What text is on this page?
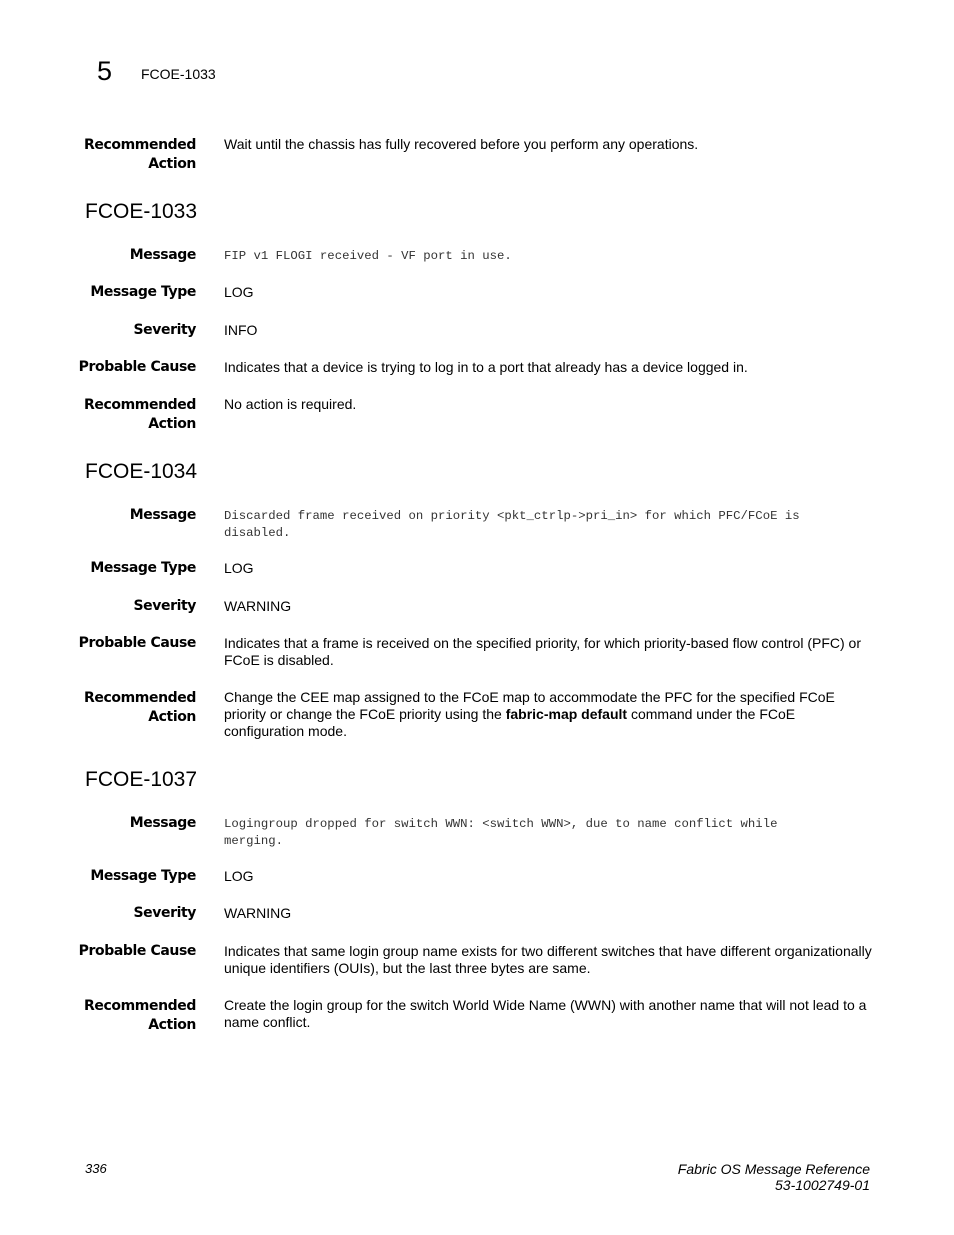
5 FCOE-1033
Recommended
Action
Wait until the chassis has fully recovered before you perform any operations.
FCOE-1033
Message FIP v1 FLOGI received - VF port in use.
Message Type LOG
Severity INFO
Probable Cause Indicates that a device is trying to log in to a port that already has a device logged in.
Recommended
Action
No action is required.
FCOE-1034
Message Discarded frame received on priority <pkt_ctrlp->pri_in> for which PFC/FCoE is
disabled.
Message Type LOG
Severity WARNING
Probable Cause Indicates that a frame is received on the specified priority, for which priority-based flow control (PFC) or
FCoE is disabled.
Recommended
Action
Change the CEE map assigned to the FCoE map to accommodate the PFC for the specified FCoE
priority or change the FCoE priority using the fabric-map default command under the FCoE
configuration mode.
FCOE-1037
Message Logingroup dropped for switch WWN: <switch WWN>, due to name conflict while
merging.
Message Type LOG
Severity WARNING
Probable Cause Indicates that same login group name exists for two different switches that have different organizationally
unique identifiers (OUIs), but the last three bytes are same.
Recommended
Action
Create the login group for the switch World Wide Name (WWN) with another name that will not lead to a
name conflict.
336	Fabric OS Message Reference
53-1002749-01
